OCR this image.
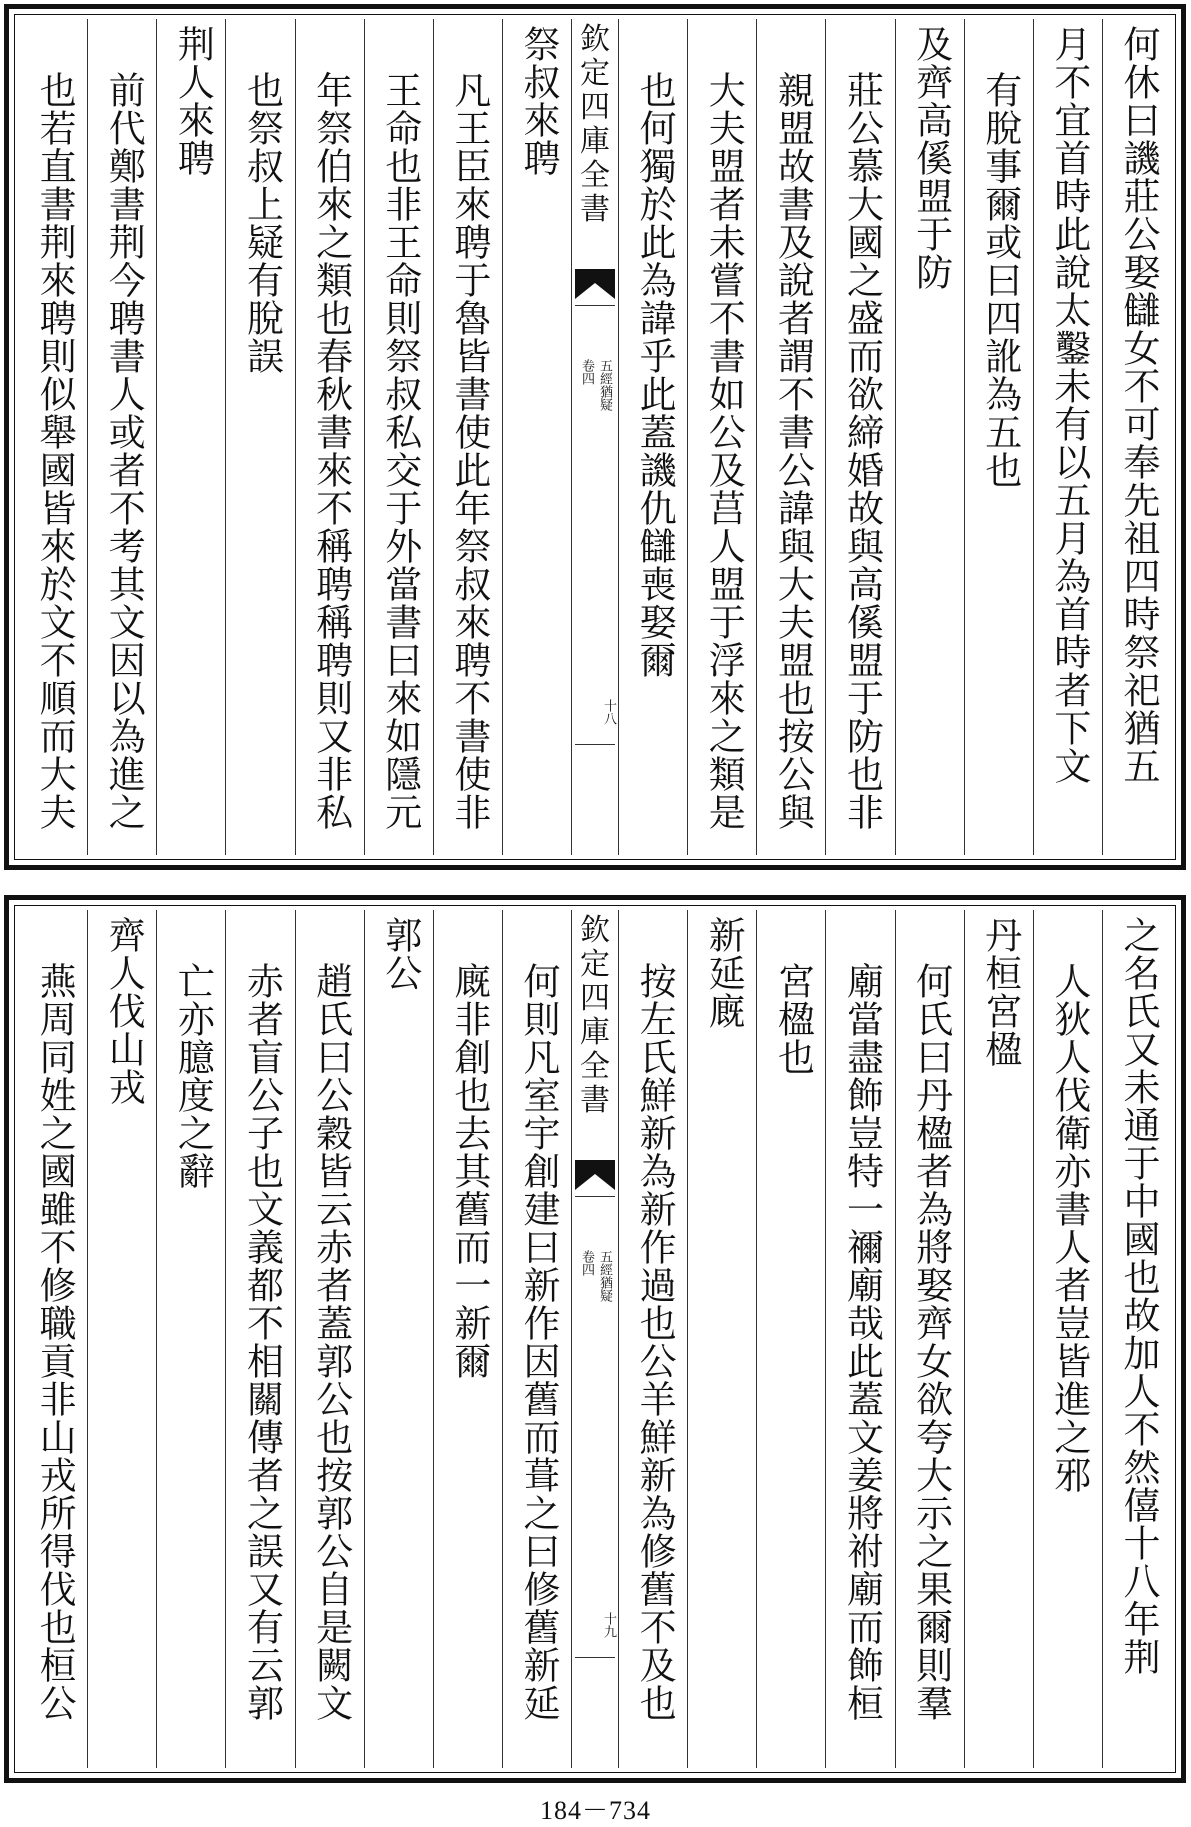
何休曰譏莊公娶讎女不可奉先祖四時祭祀猶五
月不宜首時此說太鑿未有以五月為首時者下文
有脫事爾或曰四訛為五也
及齊高傒盟于防
莊公慕大國之盛而欲締婚故與高傒盟于防也非
親盟故書及說者謂不書公諱與大夫盟也按公與
大夫盟者未嘗不書如公及莒人盟于浮來之類是
也何獨於此為諱乎此蓋譏仇讎喪娶爾
欽
定
四
庫
全
書
五經猶疑
卷四
十八
祭叔來聘
凡王臣來聘于魯皆書使此年祭叔來聘不書使非
王命也非王命則祭叔私交于外當書曰來如隱元
年祭伯來之類也春秋書來不稱聘稱聘則又非私
也祭叔上疑有脫誤
荆人來聘
前代鄭書荆今聘書人或者不考其文因以為進之
也若直書荆來聘則似舉國皆來於文不順而大夫
之名氏又未通于中國也故加人不然僖十八年荆
人狄人伐衛亦書人者豈皆進之邪
丹桓宮楹
何氏曰丹楹者為將娶齊女欲夸大示之果爾則羣
廟當盡飾豈特一禰廟哉此蓋文姜將祔廟而飾桓
宮楹也
新延廐
按左氏鮮新為新作過也公羊鮮新為修舊不及也
欽
定
四
庫
全
書
五經猶疑
卷四
十九
何則凡室宇創建曰新作因舊而葺之曰修舊新延
廐非創也去其舊而一新爾
郭公
趙氏曰公穀皆云赤者蓋郭公也按郭公自是闕文
赤者盲公子也文義都不相關傳者之誤又有云郭
亡亦臆度之辭
齊人伐山戎
燕周同姓之國雖不修職貢非山戎所得伐也桓公
184－734
